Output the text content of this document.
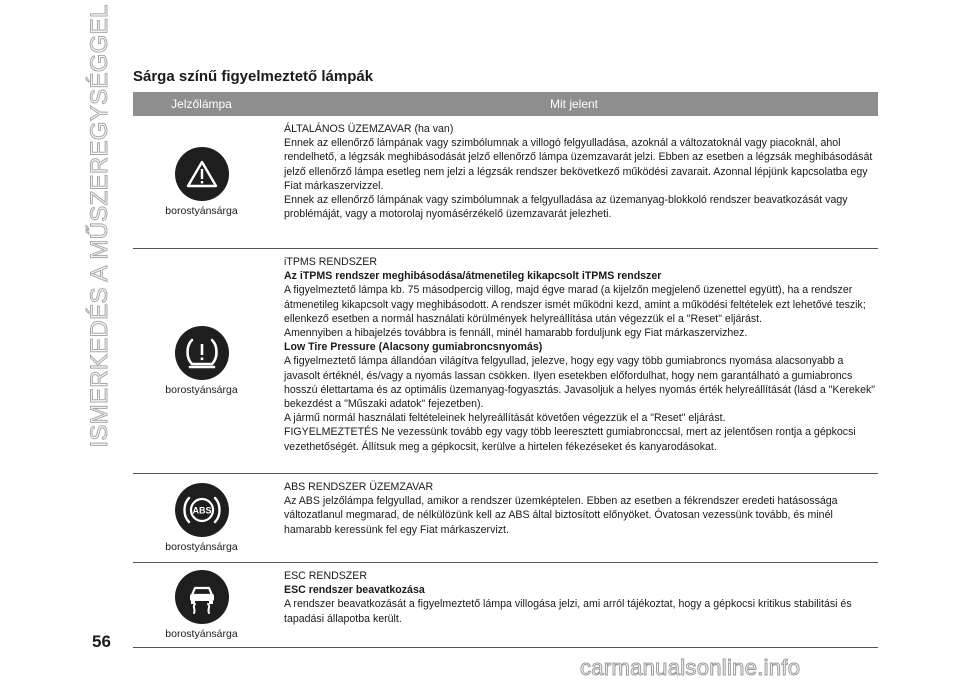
ISMERKEDÉS A MŰSZEREGYSÉGGEL Sárga színű figyelmeztető lámpák
Jelzőlámpa	Mit jelent
borostyánsárga
ÁLTALÁNOS ÜZEMZAVAR (ha van)
Ennek az ellenőrző lámpának vagy szimbólumnak a villogó felgyulladása, azoknál a változatoknál vagy piacoknál, ahol rendelhető, a légzsák meghibásodását jelző ellenőrző lámpa üzemzavarát jelzi. Ebben az esetben a légzsák meghibásodását jelző ellenőrző lámpa esetleg nem jelzi a légzsák rendszer bekövetkező működési zavarait. Azonnal lépjünk kapcsolatba egy Fiat márkaszervizzel.
Ennek az ellenőrző lámpának vagy szimbólumnak a felgyulladása az üzemanyag-blokkoló rendszer beavatkozását vagy problémáját, vagy a motorolaj nyomásérzékelő üzemzavarát jelezheti.
borostyánsárga
iTPMS RENDSZER
Az iTPMS rendszer meghibásodása/átmenetileg kikapcsolt iTPMS rendszer
A figyelmeztető lámpa kb. 75 másodpercig villog, majd égve marad (a kijelzőn megjelenő üzenettel együtt), ha a rendszer átmenetileg kikapcsolt vagy meghibásodott. A rendszer ismét működni kezd, amint a működési feltételek ezt lehetővé teszik; ellenkező esetben a normál használati körülmények helyreállítása után végezzük el a "Reset" eljárást.
Amennyiben a hibajelzés továbbra is fennáll, minél hamarabb forduljunk egy Fiat márkaszervizhez.
Low Tire Pressure (Alacsony gumiabroncsnyomás)
A figyelmeztető lámpa állandóan világítva felgyullad, jelezve, hogy egy vagy több gumiabroncs nyomása alacsonyabb a javasolt értéknél, és/vagy a nyomás lassan csökken. Ilyen esetekben előfordulhat, hogy nem garantálható a gumiabroncs hosszú élettartama és az optimális üzemanyag-fogyasztás. Javasoljuk a helyes nyomás érték helyreállítását (lásd a "Kerekek" bekezdést a "Műszaki adatok" fejezetben).
A jármű normál használati feltételeinek helyreállítását követően végezzük el a "Reset" eljárást.
FIGYELMEZTETÉS Ne vezessünk tovább egy vagy több leeresztett gumiabronccsal, mert az jelentősen rontja a gépkocsi vezethetőségét. Állítsuk meg a gépkocsit, kerülve a hirtelen fékezéseket és kanyarodásokat.
ABS
borostyánsárga
ABS RENDSZER ÜZEMZAVAR
Az ABS jelzőlámpa felgyullad, amikor a rendszer üzemképtelen. Ebben az esetben a fékrendszer eredeti hatásossága változatlanul megmarad, de nélkülözünk kell az ABS által biztosított előnyöket. Óvatosan vezessünk tovább, és minél hamarabb keressünk fel egy Fiat márkaszervizt.
borostyánsárga
ESC RENDSZER
ESC rendszer beavatkozása
A rendszer beavatkozását a figyelmeztető lámpa villogása jelzi, ami arról tájékoztat, hogy a gépkocsi kritikus stabilitási és tapadási állapotba került.
56
carmanualsonline.info
